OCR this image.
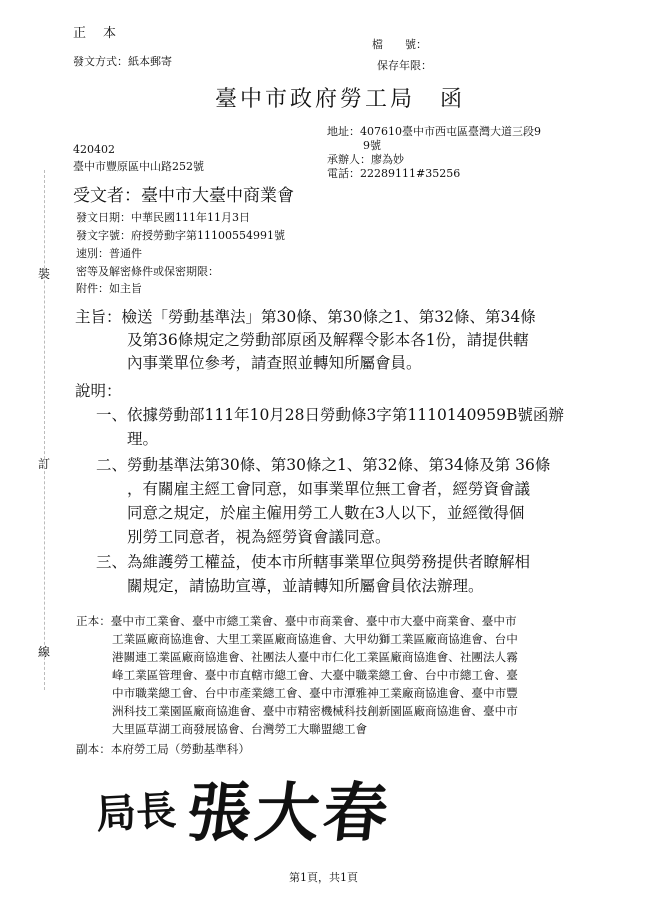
裝
訂
線
正　本
發文方式：紙本郵寄
檔　　號：
保存年限：
臺中市政府勞工局　函
地址：407610臺中市西屯區臺灣大道三段9
9號
承辦人：廖為妙
電話：22289111#35256
420402
臺中市豐原區中山路252號
受文者：臺中市大臺中商業會
發文日期：中華民國111年11月3日
發文字號：府授勞動字第11100554991號
速別：普通件
密等及解密條件或保密期限：
附件：如主旨
主旨：檢送「勞動基準法」第30條、第30條之1、第32條、第34條
及第36條規定之勞動部原函及解釋令影本各1份，請提供轄
內事業單位參考，請查照並轉知所屬會員。
說明：
一、依據勞動部111年10月28日勞動條3字第1110140959B號函辦
理。
二、勞動基準法第30條、第30條之1、第32條、第34條及第 36條
，有關雇主經工會同意，如事業單位無工會者，經勞資會議
同意之規定，於雇主僱用勞工人數在3人以下，並經徵得個
別勞工同意者，視為經勞資會議同意。
三、為維護勞工權益，使本市所轄事業單位與勞務提供者瞭解相
關規定，請協助宣導，並請轉知所屬會員依法辦理。
正本：臺中市工業會、臺中市總工業會、臺中市商業會、臺中市大臺中商業會、臺中市
工業區廠商協進會、大里工業區廠商協進會、大甲幼獅工業區廠商協進會、台中
港關連工業區廠商協進會、社團法人臺中市仁化工業區廠商協進會、社團法人霧
峰工業區管理會、臺中市直轄市總工會、大臺中職業總工會、台中市總工會、臺
中市職業總工會、台中市產業總工會、臺中市潭雅神工業廠商協進會、臺中市豐
洲科技工業園區廠商協進會、臺中市精密機械科技創新園區廠商協進會、臺中市
大里區草湖工商發展協會、台灣勞工大聯盟總工會
副本：本府勞工局（勞動基準科）
局長 張大春
第1頁，共1頁
